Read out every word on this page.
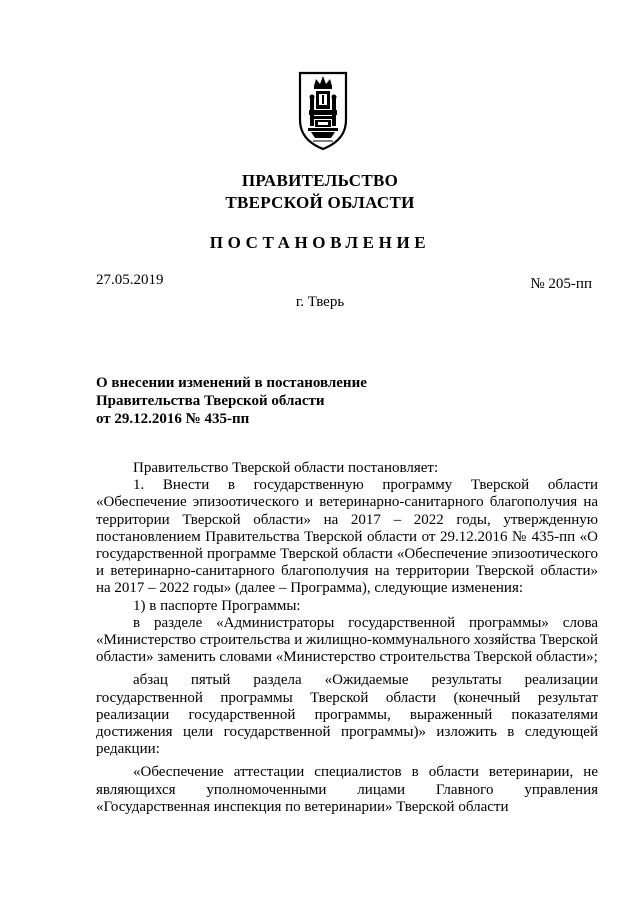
ПРАВИТЕЛЬСТВО
ТВЕРСКОЙ ОБЛАСТИ
ПОСТАНОВЛЕНИЕ
27.05.2019	№ 205-пп
г. Тверь
О внесении изменений в постановление
Правительства Тверской области
от 29.12.2016 № 435-пп

Правительство Тверской области постановляет:

1. Внести в государственную программу Тверской области «Обеспечение эпизоотического и ветеринарно-санитарного благополучия на территории Тверской области» на 2017 – 2022 годы, утвержденную постановлением Правительства Тверской области от 29.12.2016 № 435-пп «О государственной программе Тверской области «Обеспечение эпизоотического и ветеринарно-санитарного благополучия на территории Тверской области» на 2017 – 2022 годы» (далее – Программа), следующие изменения:

1) в паспорте Программы:

в разделе «Администраторы государственной программы» слова «Министерство строительства и жилищно-коммунального хозяйства Тверской области» заменить словами «Министерство строительства Тверской области»;

абзац пятый раздела «Ожидаемые результаты реализации государственной программы Тверской области (конечный результат реализации государственной программы, выраженный показателями достижения цели государственной программы)» изложить в следующей редакции:

«Обеспечение аттестации специалистов в области ветеринарии, не являющихся уполномоченными лицами Главного управления «Государственная инспекция по ветеринарии» Тверской области
